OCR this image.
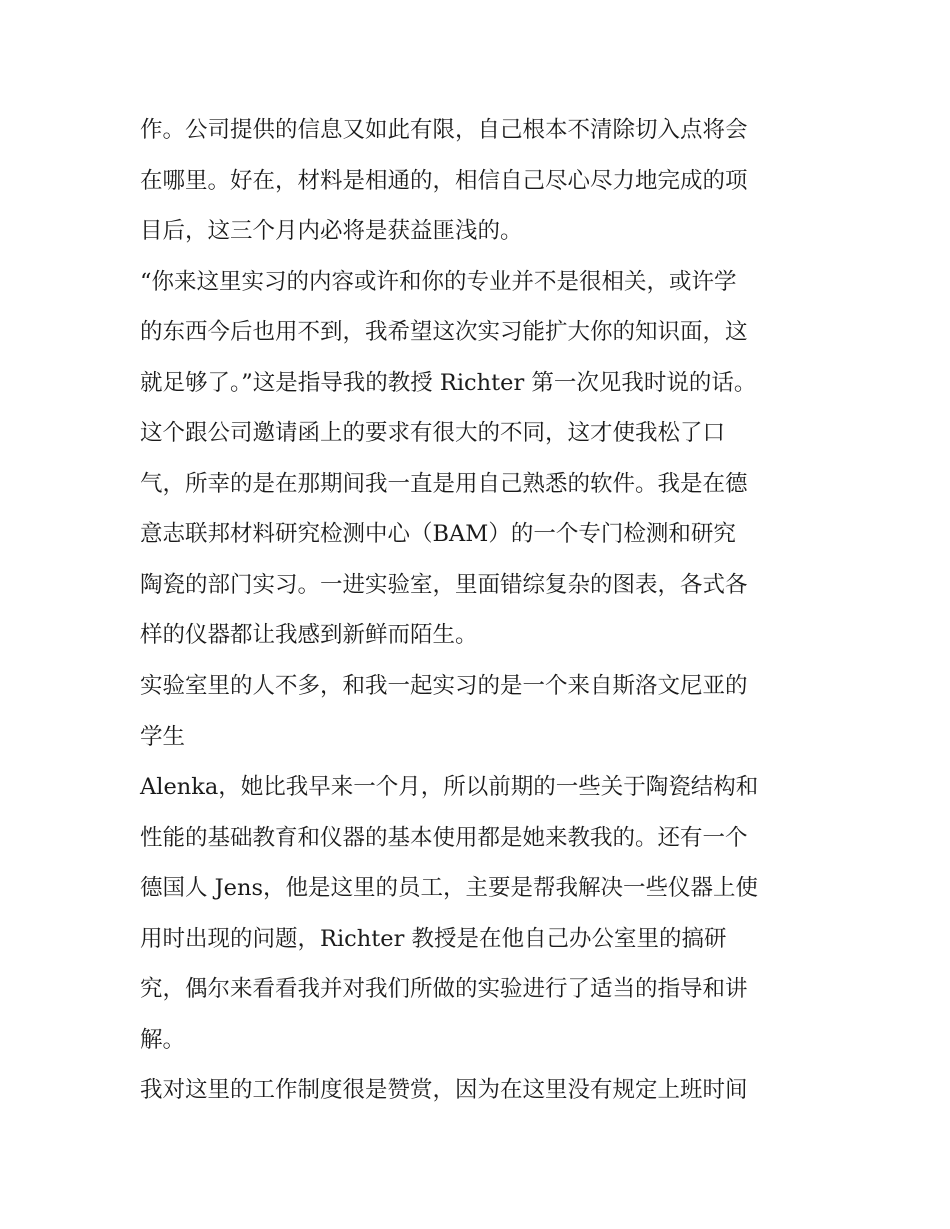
作。公司提供的信息又如此有限，自己根本不清除切入点将会
在哪里。好在，材料是相通的，相信自己尽心尽力地完成的项
目后，这三个月内必将是获益匪浅的。
“你来这里实习的内容或许和你的专业并不是很相关，或许学
的东西今后也用不到，我希望这次实习能扩大你的知识面，这
就足够了。”这是指导我的教授 Richter 第一次见我时说的话。
这个跟公司邀请函上的要求有很大的不同，这才使我松了口
气，所幸的是在那期间我一直是用自己熟悉的软件。我是在德
意志联邦材料研究检测中心（BAM）的一个专门检测和研究
陶瓷的部门实习。一进实验室，里面错综复杂的图表，各式各
样的仪器都让我感到新鲜而陌生。
实验室里的人不多，和我一起实习的是一个来自斯洛文尼亚的
学生
Alenka，她比我早来一个月，所以前期的一些关于陶瓷结构和
性能的基础教育和仪器的基本使用都是她来教我的。还有一个
德国人 Jens，他是这里的员工，主要是帮我解决一些仪器上使
用时出现的问题，Richter 教授是在他自己办公室里的搞研
究，偶尔来看看我并对我们所做的实验进行了适当的指导和讲
解。
我对这里的工作制度很是赞赏，因为在这里没有规定上班时间
